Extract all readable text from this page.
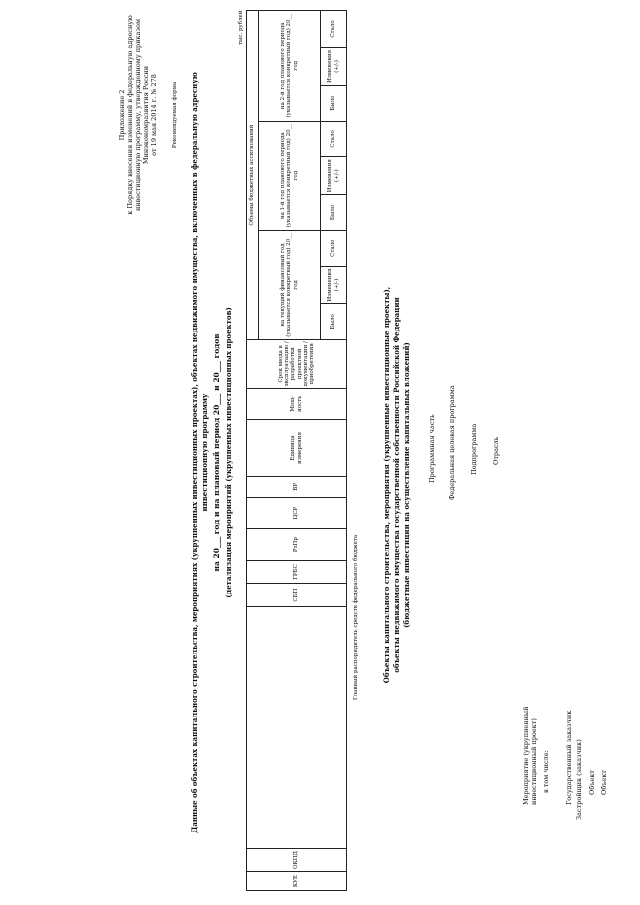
Приложение 2 к Порядку внесения изменений в федеральную адресную инвестиционную программу, утвержденному приказом Минэкономразвития России от 19 мая 2014 г. № 278	Рекомендуемая форма Данные об объектах капитального строительства, мероприятиях (укрупненных инвестиционных проектах), объектах недвижимого имущества, включенных в федеральную адресную инвестиционную программу на 20___ год и на плановый период 20___ и 20___ годов (детализация мероприятий (укрупненных инвестиционных проектов)
тыс. рублей
КУЕ	ОКПД		СБП	ГРБС	РзПр	ЦСР	ВР	Единица измерения	Мощ-ность	Срок ввода в эксплуатацию / разработки проектной документации / приобретения	Объемы бюджетных ассигнований								
											на текущий финансовый год (указывается конкретный год) 20__ год			на 1-й год планового периода (указывается конкретный год) 20__ год			на 2-й год планового периода (указывается конкретный год) 20__ год		
											Было	Изменения (+/-)	Стало	Было	Изменения (+/-)	Стало	Было	Изменения (+/-)	Стало
Главный распорядитель средств федерального бюджета	Объекты капитального строительства, мероприятия (укрупненные инвестиционные проекты), объекты недвижимого имущества государственной собственности Российской Федерации (бюджетные инвестиции на осуществление капитальных вложений)	Программная часть Федеральная целевая программа Подпрограмма Отрасль
Мероприятие (укрупненный инвестиционный проект) в том числе: Государственный заказчик Застройщик (заказчик) Объект Объект
